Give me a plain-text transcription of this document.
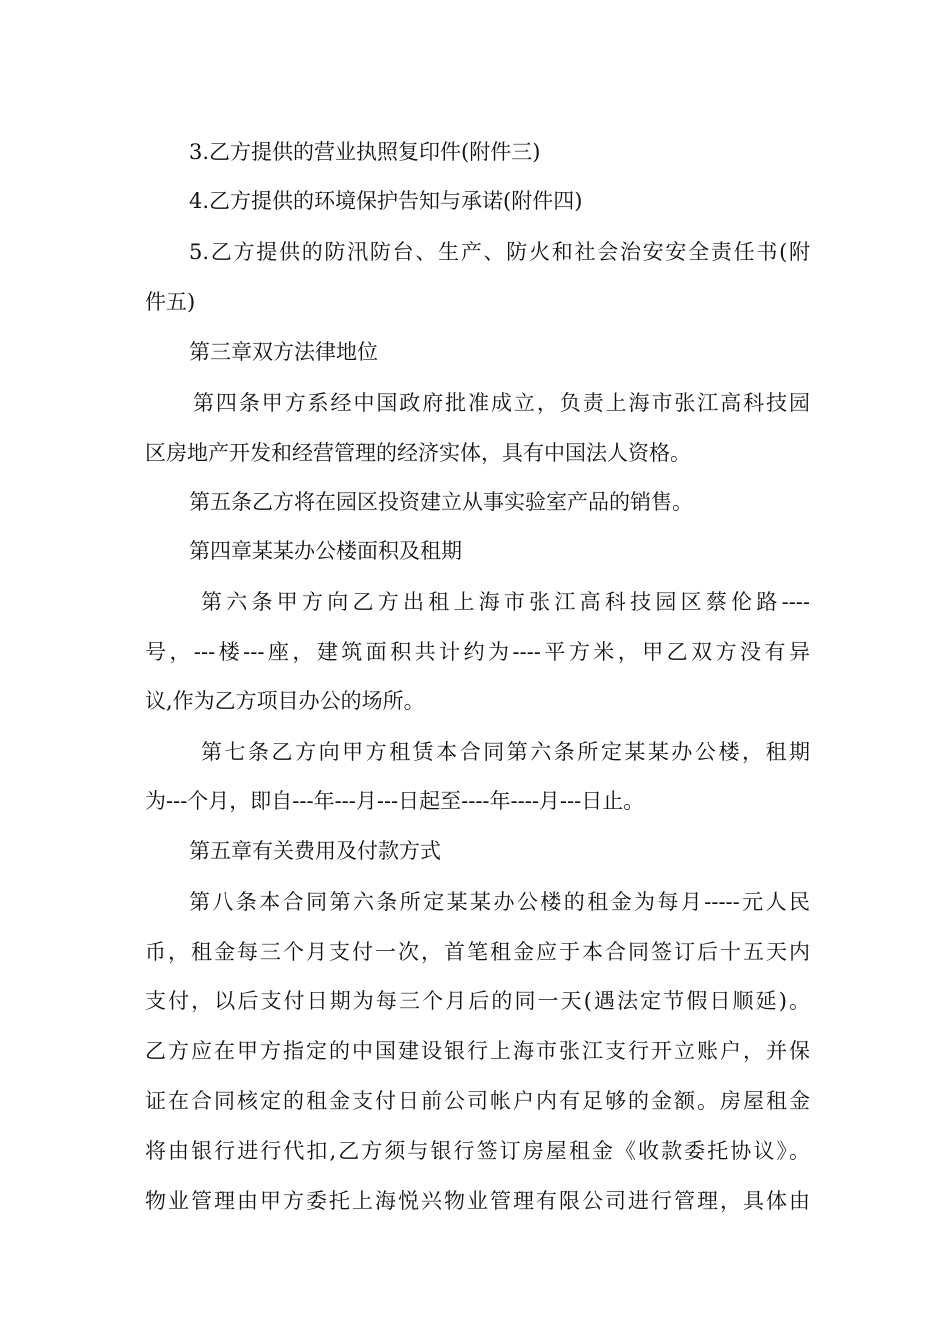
3.乙方提供的营业执照复印件(附件三)
4.乙方提供的环境保护告知与承诺(附件四)
5.乙方提供的防汛防台、生产、防火和社会治安安全责任书(附
件五)
第三章双方法律地位
第四条甲方系经中国政府批准成立，负责上海市张江高科技园
区房地产开发和经营管理的经济实体，具有中国法人资格。
第五条乙方将在园区投资建立从事实验室产品的销售。
第四章某某办公楼面积及租期
第六条甲方向乙方出租上海市张江高科技园区蔡伦路----
号，---楼---座，建筑面积共计约为----平方米，甲乙双方没有异
议,作为乙方项目办公的场所。
第七条乙方向甲方租赁本合同第六条所定某某办公楼，租期
为---个月，即自---年---月---日起至----年----月---日止。
第五章有关费用及付款方式
第八条本合同第六条所定某某办公楼的租金为每月-----元人民
币，租金每三个月支付一次，首笔租金应于本合同签订后十五天内
支付，以后支付日期为每三个月后的同一天(遇法定节假日顺延)。
乙方应在甲方指定的中国建设银行上海市张江支行开立账户，并保
证在合同核定的租金支付日前公司帐户内有足够的金额。房屋租金
将由银行进行代扣,乙方须与银行签订房屋租金《收款委托协议》。
物业管理由甲方委托上海悦兴物业管理有限公司进行管理，具体由
